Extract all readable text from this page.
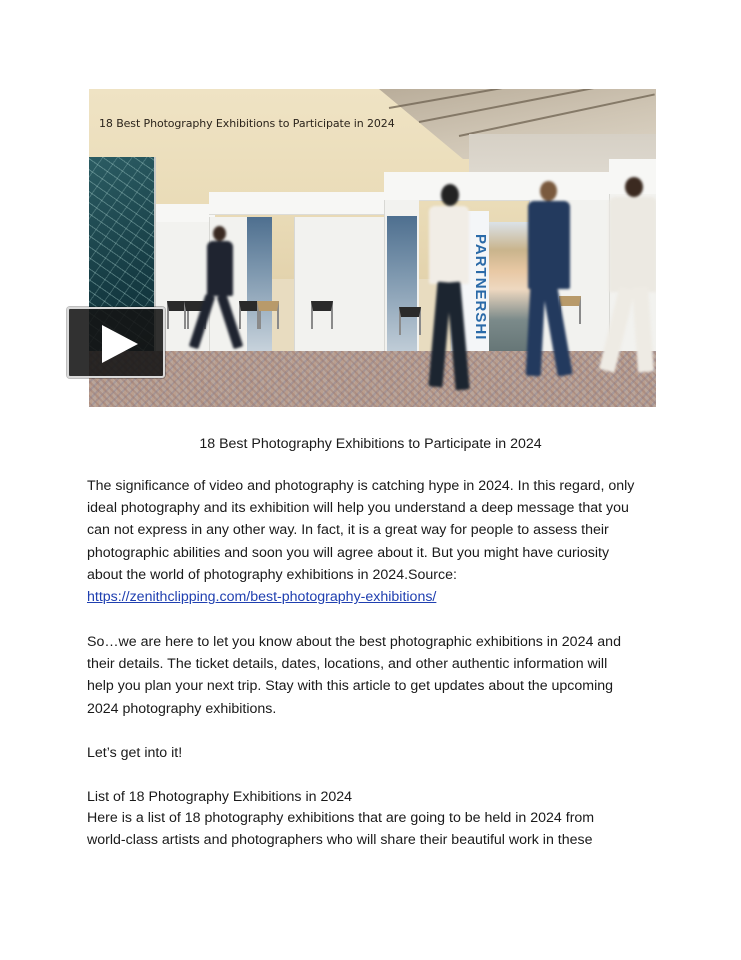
PARTNERSHI
18 Best Photography Exhibitions to Participate in 2024
18 Best Photography Exhibitions to Participate in 2024
The significance of video and photography is catching hype in 2024. In this regard, only
ideal photography and its exhibition will help you understand a deep message that you
can not express in any other way. In fact, it is a great way for people to assess their
photographic abilities and soon you will agree about it. But you might have curiosity
about the world of photography exhibitions in 2024.Source:
https://zenithclipping.com/best-photography-exhibitions/
So…we are here to let you know about the best photographic exhibitions in 2024 and
their details. The ticket details, dates, locations, and other authentic information will
help you plan your next trip. Stay with this article to get updates about the upcoming
2024 photography exhibitions.
Let’s get into it!
List of 18 Photography Exhibitions in 2024
Here is a list of 18 photography exhibitions that are going to be held in 2024 from
world-class artists and photographers who will share their beautiful work in these
